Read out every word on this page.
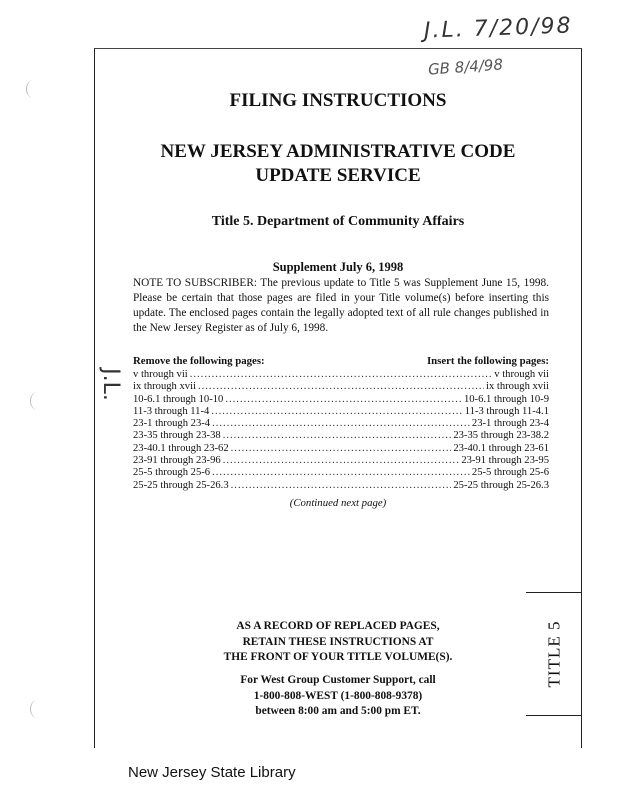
J.L. 7/20/98
GB 8/4/98
J.L.
FILING INSTRUCTIONS
NEW JERSEY ADMINISTRATIVE CODE
UPDATE SERVICE
Title 5. Department of Community Affairs
Supplement July 6, 1998
NOTE TO SUBSCRIBER: The previous update to Title 5 was Supplement June 15, 1998. Please be certain that those pages are filed in your Title volume(s) before inserting this update. The enclosed pages contain the legally adopted text of all rule changes published in the New Jersey Register as of July 6, 1998.
Remove the following pages:	Insert the following pages:
v through vii .....	v through vii
ix through xvii .....	ix through xvii
10-6.1 through 10-10 .....	10-6.1 through 10-9
11-3 through 11-4 .....	11-3 through 11-4.1
23-1 through 23-4 .....	23-1 through 23-4
23-35 through 23-38 .....	23-35 through 23-38.2
23-40.1 through 23-62 .....	23-40.1 through 23-61
23-91 through 23-96 .....	23-91 through 23-95
25-5 through 25-6 .....	25-5 through 25-6
25-25 through 25-26.3 .....	25-25 through 25-26.3
(Continued next page)
AS A RECORD OF REPLACED PAGES,
RETAIN THESE INSTRUCTIONS AT
THE FRONT OF YOUR TITLE VOLUME(S).
For West Group Customer Support, call
1-800-808-WEST (1-800-808-9378)
between 8:00 am and 5:00 pm ET.
TITLE 5
New Jersey State Library
